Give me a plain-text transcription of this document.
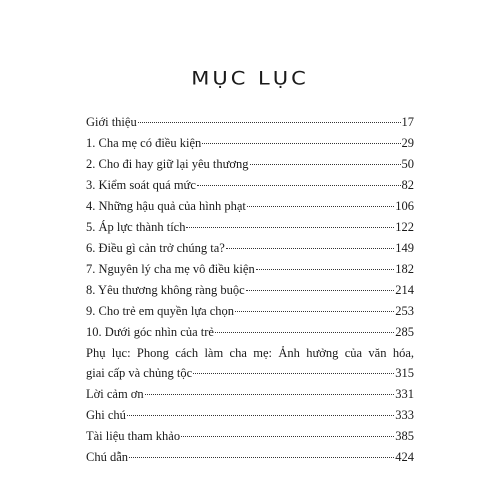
MỤC LỤC
Giới thiệu	17
1. Cha mẹ có điều kiện	29
2. Cho đi hay giữ lại yêu thương	50
3. Kiểm soát quá mức	82
4. Những hậu quả của hình phạt	106
5. Áp lực thành tích	122
6. Điều gì cản trở chúng ta?	149
7. Nguyên lý cha mẹ vô điều kiện	182
8. Yêu thương không ràng buộc	214
9. Cho trẻ em quyền lựa chọn	253
10. Dưới góc nhìn của trẻ	285
Phụ lục: Phong cách làm cha mẹ: Ảnh hưởng của văn hóa,
giai cấp và chủng tộc	315
Lời cảm ơn	331
Ghi chú	333
Tài liệu tham khảo	385
Chú dẫn	424
